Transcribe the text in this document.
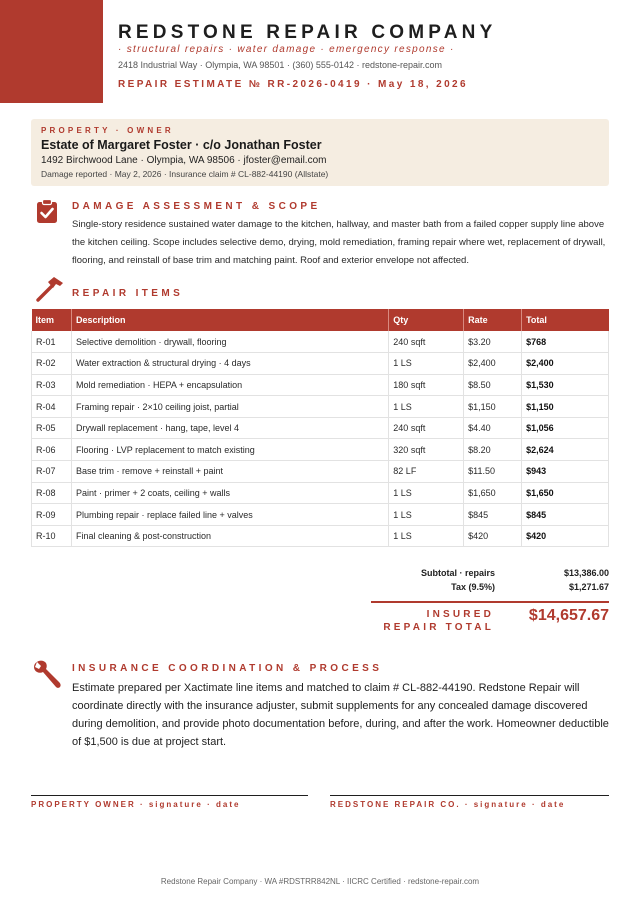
REDSTONE REPAIR COMPANY
· structural repairs · water damage · emergency response ·
2418 Industrial Way · Olympia, WA 98501 · (360) 555-0142 · redstone-repair.com
REPAIR ESTIMATE № RR-2026-0419 · May 18, 2026
PROPERTY · OWNER
Estate of Margaret Foster · c/o Jonathan Foster
1492 Birchwood Lane · Olympia, WA 98506 · jfoster@email.com
Damage reported · May 2, 2026 · Insurance claim # CL-882-44190 (Allstate)
DAMAGE ASSESSMENT & SCOPE
Single-story residence sustained water damage to the kitchen, hallway, and master bath from a failed copper supply line above the kitchen ceiling. Scope includes selective demo, drying, mold remediation, framing repair where wet, replacement of drywall, flooring, and reinstall of base trim and matching paint. Roof and exterior envelope not affected.
REPAIR ITEMS
Item	Description	Qty	Rate	Total
R-01	Selective demolition · drywall, flooring	240 sqft	$3.20	$768
R-02	Water extraction & structural drying · 4 days	1 LS	$2,400	$2,400
R-03	Mold remediation · HEPA + encapsulation	180 sqft	$8.50	$1,530
R-04	Framing repair · 2×10 ceiling joist, partial	1 LS	$1,150	$1,150
R-05	Drywall replacement · hang, tape, level 4	240 sqft	$4.40	$1,056
R-06	Flooring · LVP replacement to match existing	320 sqft	$8.20	$2,624
R-07	Base trim · remove + reinstall + paint	82 LF	$11.50	$943
R-08	Paint · primer + 2 coats, ceiling + walls	1 LS	$1,650	$1,650
R-09	Plumbing repair · replace failed line + valves	1 LS	$845	$845
R-10	Final cleaning & post-construction	1 LS	$420	$420
Subtotal · repairs	$13,386.00
Tax (9.5%)	$1,271.67
INSURED
REPAIR TOTAL
$14,657.67
INSURANCE COORDINATION & PROCESS
Estimate prepared per Xactimate line items and matched to claim # CL-882-44190. Redstone Repair will coordinate directly with the insurance adjuster, submit supplements for any concealed damage discovered during demolition, and provide photo documentation before, during, and after the work. Homeowner deductible of $1,500 is due at project start.
PROPERTY OWNER · signature · date	REDSTONE REPAIR CO. · signature · date
Redstone Repair Company · WA #RDSTRR842NL · IICRC Certified · redstone-repair.com
